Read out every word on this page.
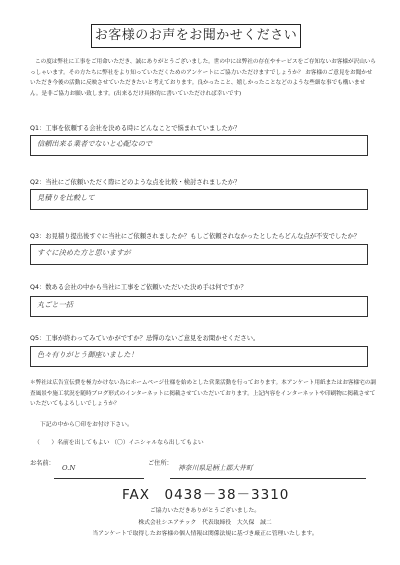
お客様のお声をお聞かせください
この度は弊社に工事をご用命いただき、誠にありがとうございました。世の中には弊社の存在やサービスをご存知ないお客様が沢山いらっしゃいます。その方たちに弊社をより知っていただくためのアンケートにご協力いただけますでしょうか？ お客様のご意見をお聞かせいただき今後の活動に反映させていただきたいと考えております。良かったこと、嬉しかったことなどのような些細な事でも構いません。是非ご協力お願い致します。(出来るだけ具体的に書いていただければ幸いです)
Q1：工事を依頼する会社を決める時にどんなことで悩まれていましたか？
信頼出来る業者でないと心配なので
Q2：当社にご依頼いただく際にどのような点を比較・検討されましたか？
見積りを比較して
Q3：お見積り提出後すぐに当社にご依頼されましたか？もしご依頼されなかったとしたらどんな点が不安でしたか？
すぐに決めた方と思いますが
Q4：数ある会社の中から当社に工事をご依頼いただいた決め手は何ですか？
丸ごと一括
Q5：工事が終わってみていかがですか？忌憚のないご意見をお聞かせください。
色々有りがとう御座いました！
＊弊社は広告宣伝費を極力かけない為にホームページ仕様を始めとした営業活動を行っております。本アンケート用紙またはお客様宅の調査風景や施工状況を随時ブログ形式のインターネットに掲載させていただいております。上記内容をインターネットや印刷物に掲載させていただいてもよろしいでしょうか？
下記の中から〇印をお付け下さい。
（　　）名前を出してもよい （〇）イニシャルなら出してもよい
お名前：
O.N
ご住所：
神奈川県足柄上郡大井町
FAX　0438－38－3310
ご協力いただきありがとうございました。
株式会社シエアテック　代表取締役　大久保　誠二
当アンケートで取得したお客様の個人情報は関係法規に基づき厳正に管理いたします。
